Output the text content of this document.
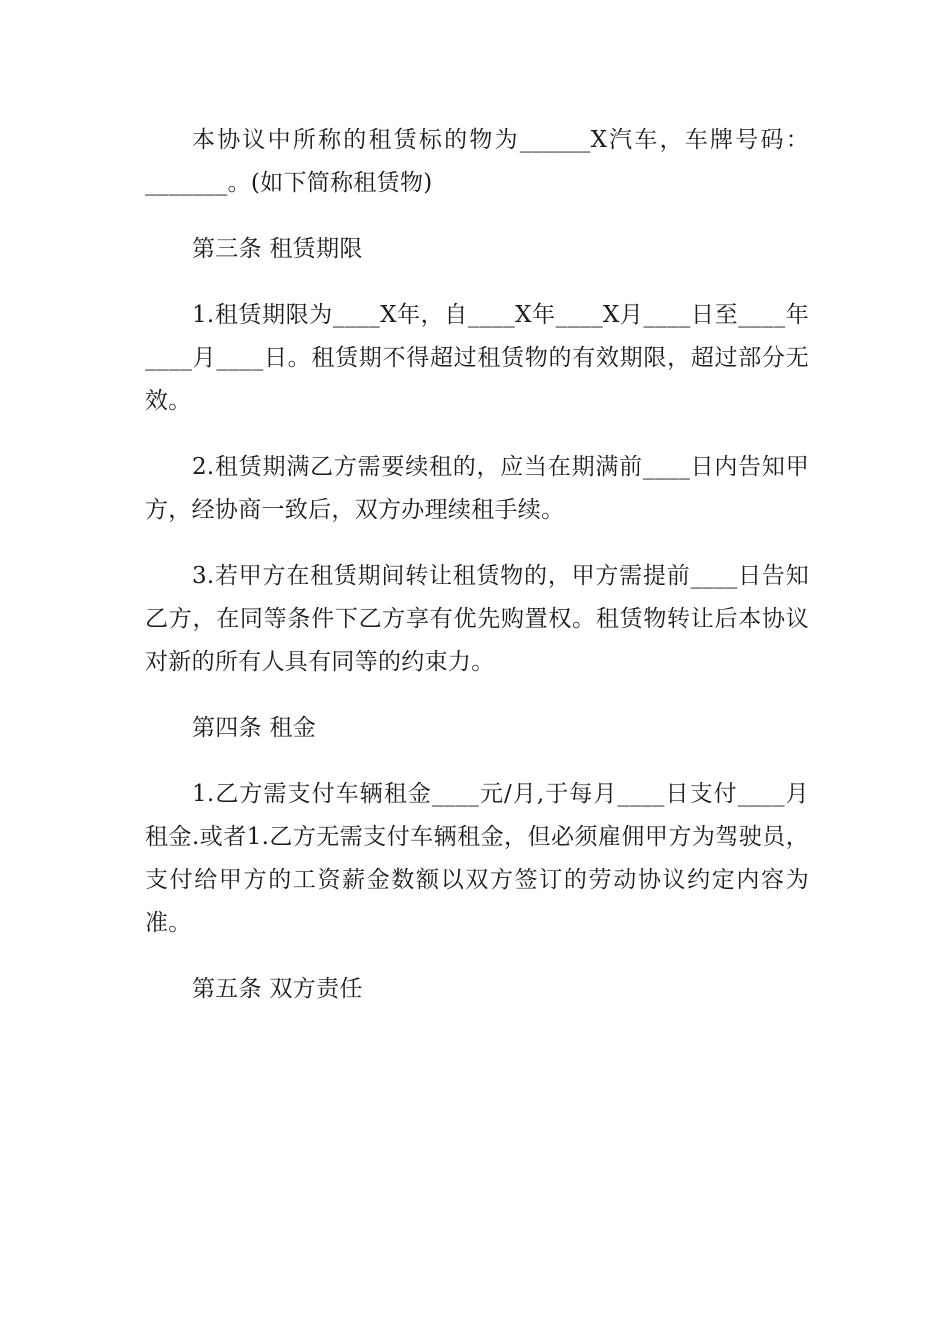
本协议中所称的租赁标的物为______X汽车，车牌号码：_______。(如下简称租赁物)

第三条 租赁期限

1.租赁期限为____X年，自____X年____X月____日至____年____月____日。租赁期不得超过租赁物的有效期限，超过部分无效。

2.租赁期满乙方需要续租的，应当在期满前____日内告知甲方，经协商一致后，双方办理续租手续。

3.若甲方在租赁期间转让租赁物的，甲方需提前____日告知乙方，在同等条件下乙方享有优先购置权。租赁物转让后本协议对新的所有人具有同等的约束力。

第四条 租金

1.乙方需支付车辆租金____元/月,于每月____日支付____月租金.或者1.乙方无需支付车辆租金，但必须雇佣甲方为驾驶员，支付给甲方的工资薪金数额以双方签订的劳动协议约定内容为准。

第五条 双方责任
